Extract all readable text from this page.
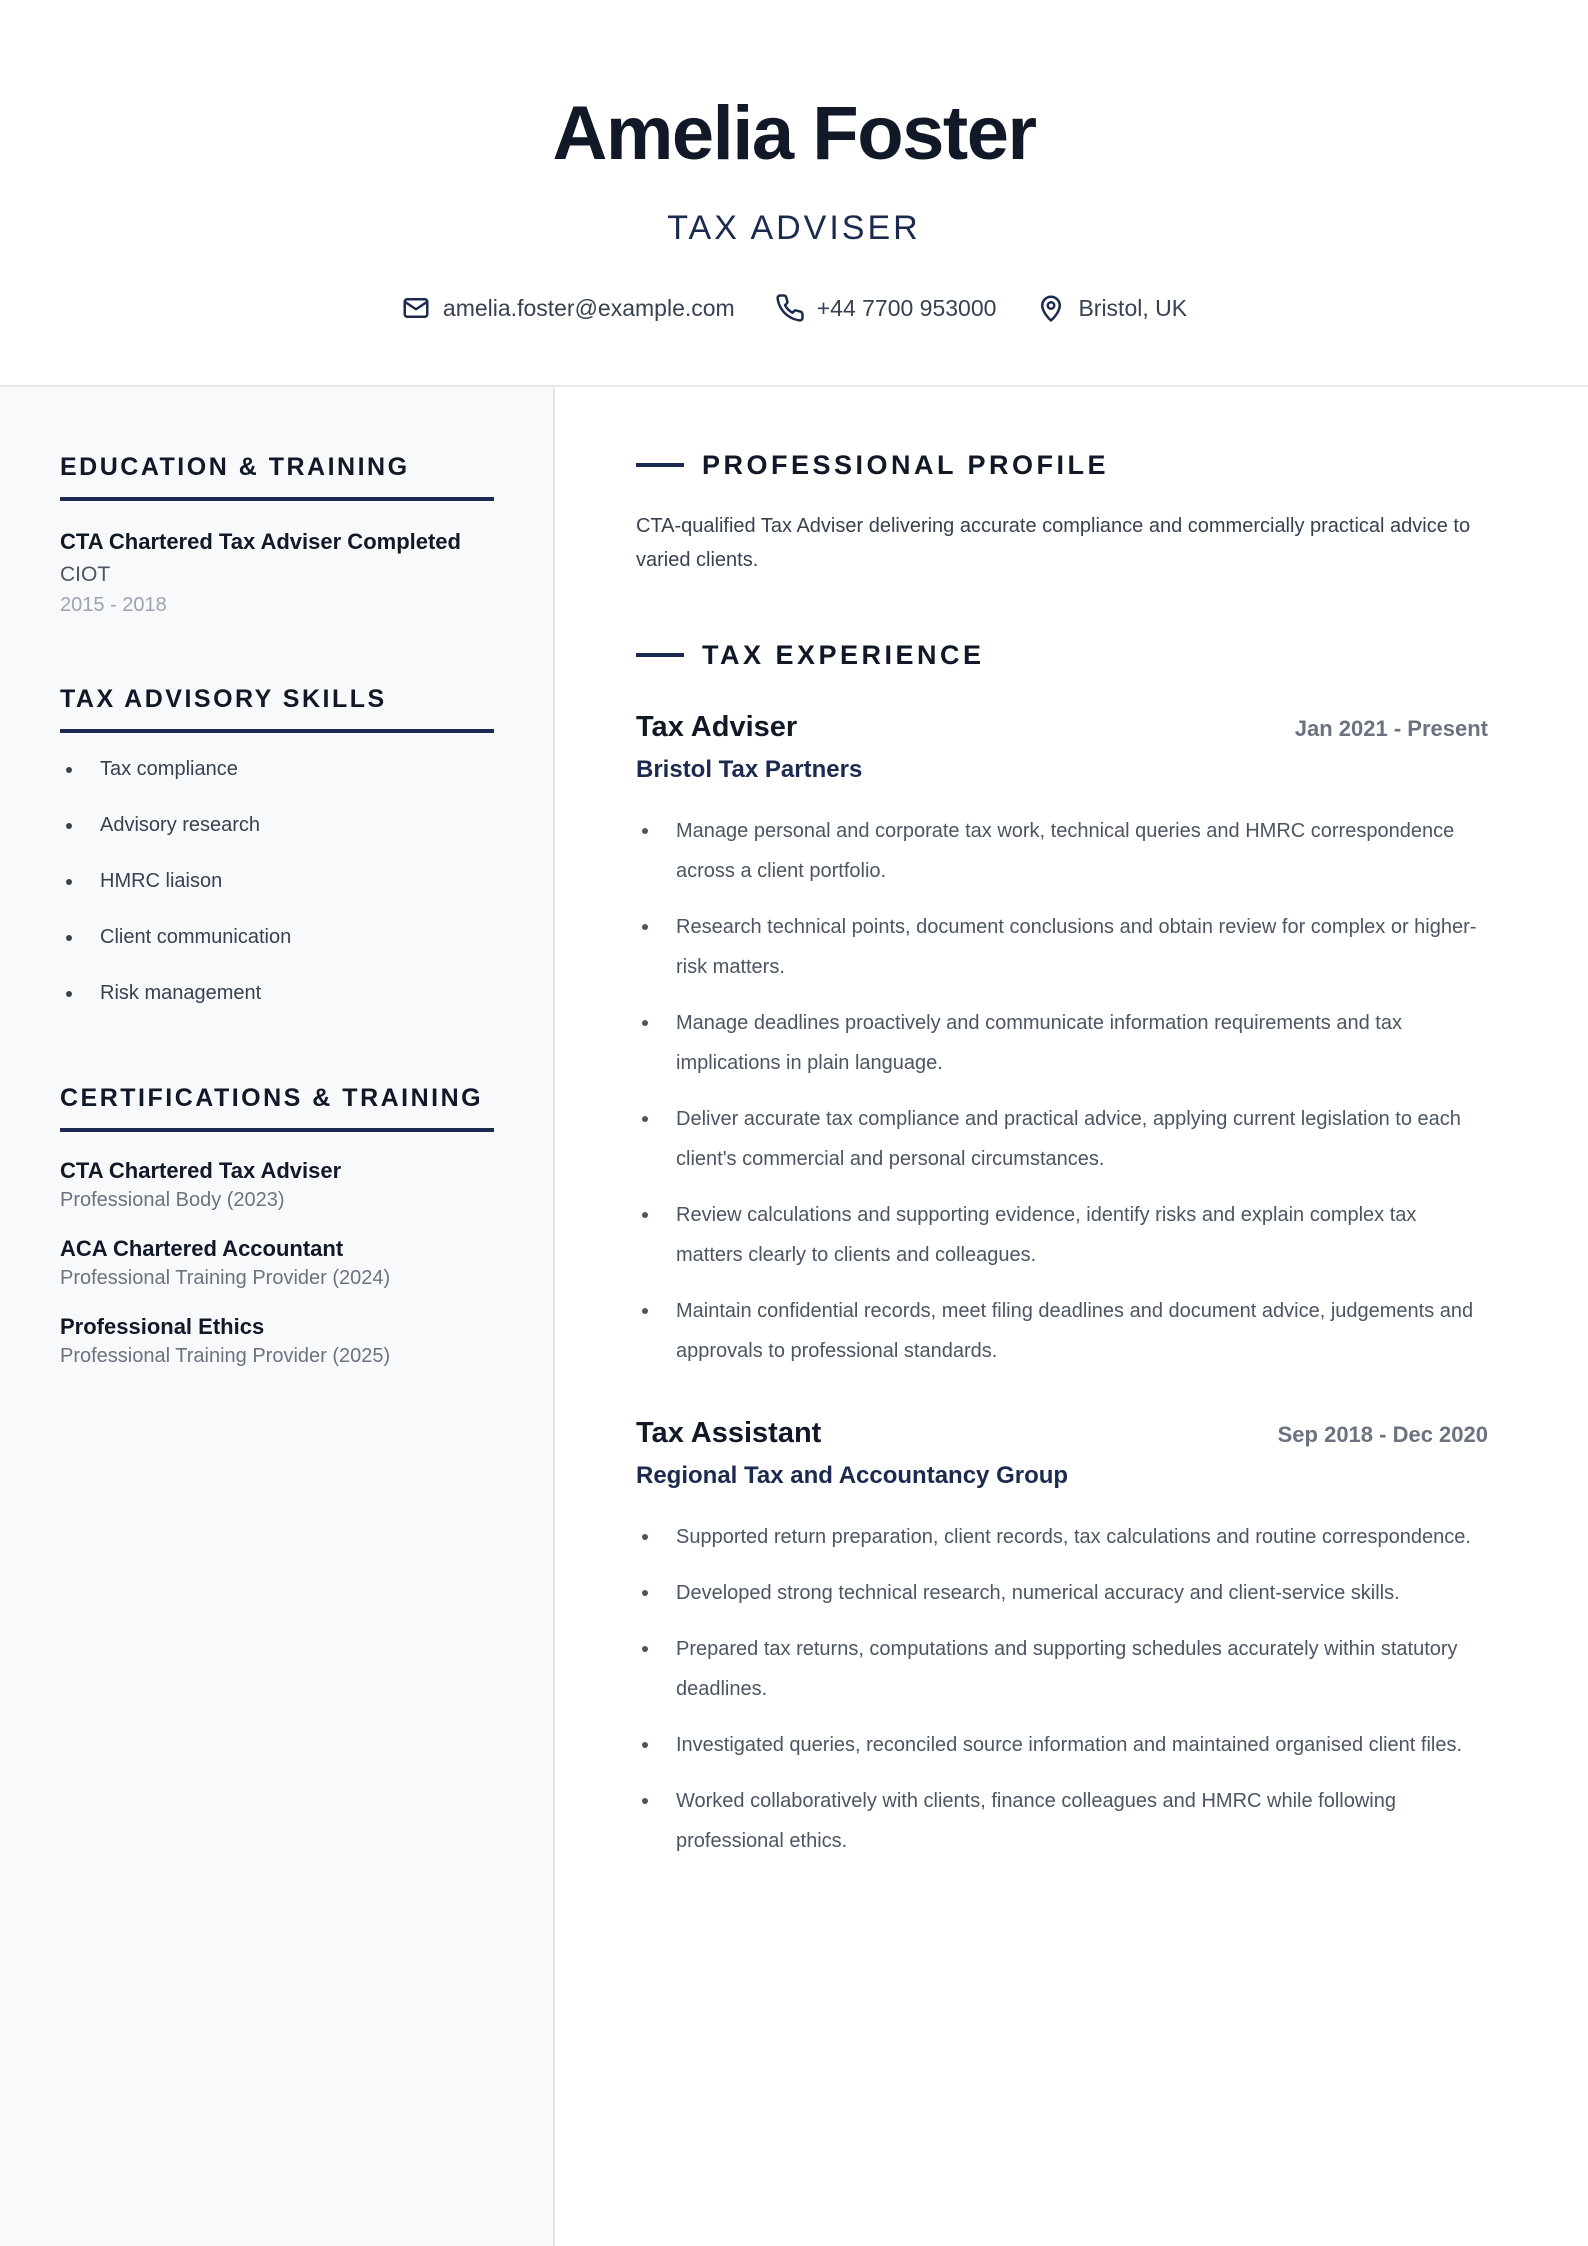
Amelia Foster
TAX ADVISER
amelia.foster@example.com	+44 7700 953000	Bristol, UK
EDUCATION & TRAINING
CTA Chartered Tax Adviser Completed
CIOT
2015 - 2018
TAX ADVISORY SKILLS
Tax compliance
Advisory research
HMRC liaison
Client communication
Risk management
CERTIFICATIONS & TRAINING
CTA Chartered Tax Adviser
Professional Body (2023)
ACA Chartered Accountant
Professional Training Provider (2024)
Professional Ethics
Professional Training Provider (2025)
PROFESSIONAL PROFILE

CTA-qualified Tax Adviser delivering accurate compliance and commercially practical advice to varied clients.

TAX EXPERIENCE
Tax Adviser	Jan 2021 - Present
Bristol Tax Partners
Manage personal and corporate tax work, technical queries and HMRC correspondence across a client portfolio.
Research technical points, document conclusions and obtain review for complex or higher-risk matters.
Manage deadlines proactively and communicate information requirements and tax implications in plain language.
Deliver accurate tax compliance and practical advice, applying current legislation to each client's commercial and personal circumstances.
Review calculations and supporting evidence, identify risks and explain complex tax matters clearly to clients and colleagues.
Maintain confidential records, meet filing deadlines and document advice, judgements and approvals to professional standards.
Tax Assistant	Sep 2018 - Dec 2020
Regional Tax and Accountancy Group
Supported return preparation, client records, tax calculations and routine correspondence.
Developed strong technical research, numerical accuracy and client-service skills.
Prepared tax returns, computations and supporting schedules accurately within statutory deadlines.
Investigated queries, reconciled source information and maintained organised client files.
Worked collaboratively with clients, finance colleagues and HMRC while following professional ethics.
